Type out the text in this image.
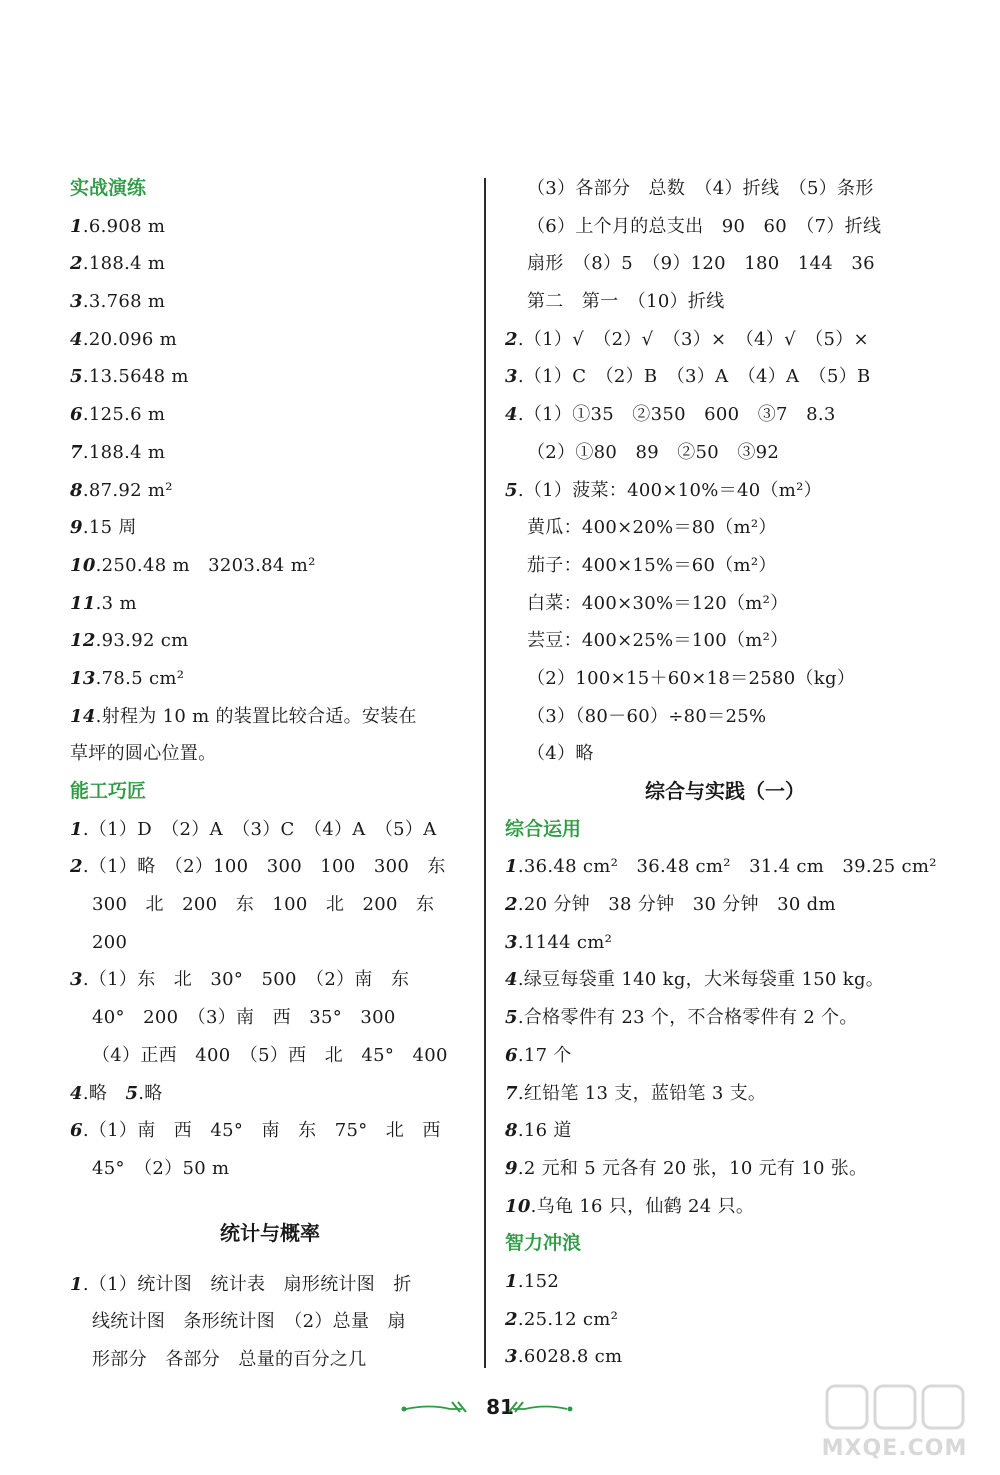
实战演练
1.6.908 m
2.188.4 m
3.3.768 m
4.20.096 m
5.13.5648 m
6.125.6 m
7.188.4 m
8.87.92 m²
9.15 周
10.250.48 m　3203.84 m²
11.3 m
12.93.92 cm
13.78.5 cm²
14.射程为 10 m 的装置比较合适。安装在
草坪的圆心位置。
能工巧匠
1.（1）D　（2）A　（3）C　（4）A　（5）A
2.（1）略　（2）100　300　100　300　东
300　北　200　东　100　北　200　东
200
3.（1）东　北　30°　500　（2）南　东
40°　200　（3）南　西　35°　300
（4）正西　400　（5）西　北　45°　400
4.略　5.略
6.（1）南　西　45°　南　东　75°　北　西
45°　（2）50 m
统计与概率
1.（1）统计图　统计表　扇形统计图　折
线统计图　条形统计图　（2）总量　扇
形部分　各部分　总量的百分之几
（3）各部分　总数　（4）折线　（5）条形
（6）上个月的总支出　90　60　（7）折线
扇形　（8）5　（9）120　180　144　36
第二　第一　（10）折线
2.（1）√　（2）√　（3）×　（4）√　（5）×
3.（1）C　（2）B　（3）A　（4）A　（5）B
4.（1）①35　②350　600　③7　8.3
（2）①80　89　②50　③92
5.（1）菠菜：400×10%＝40（m²）
黄瓜：400×20%＝80（m²）
茄子：400×15%＝60（m²）
白菜：400×30%＝120（m²）
芸豆：400×25%＝100（m²）
（2）100×15＋60×18＝2580（kg）
（3）（80－60）÷80＝25%
（4）略
综合与实践（一）
综合运用
1.36.48 cm²　36.48 cm²　31.4 cm　39.25 cm²
2.20 分钟　38 分钟　30 分钟　30 dm
3.1144 cm²
4.绿豆每袋重 140 kg，大米每袋重 150 kg。
5.合格零件有 23 个，不合格零件有 2 个。
6.17 个
7.红铅笔 13 支，蓝铅笔 3 支。
8.16 道
9.2 元和 5 元各有 20 张，10 元有 10 张。
10.乌龟 16 只，仙鹤 24 只。
智力冲浪
1.152
2.25.12 cm²
3.6028.8 cm
81
MXQE.COM
